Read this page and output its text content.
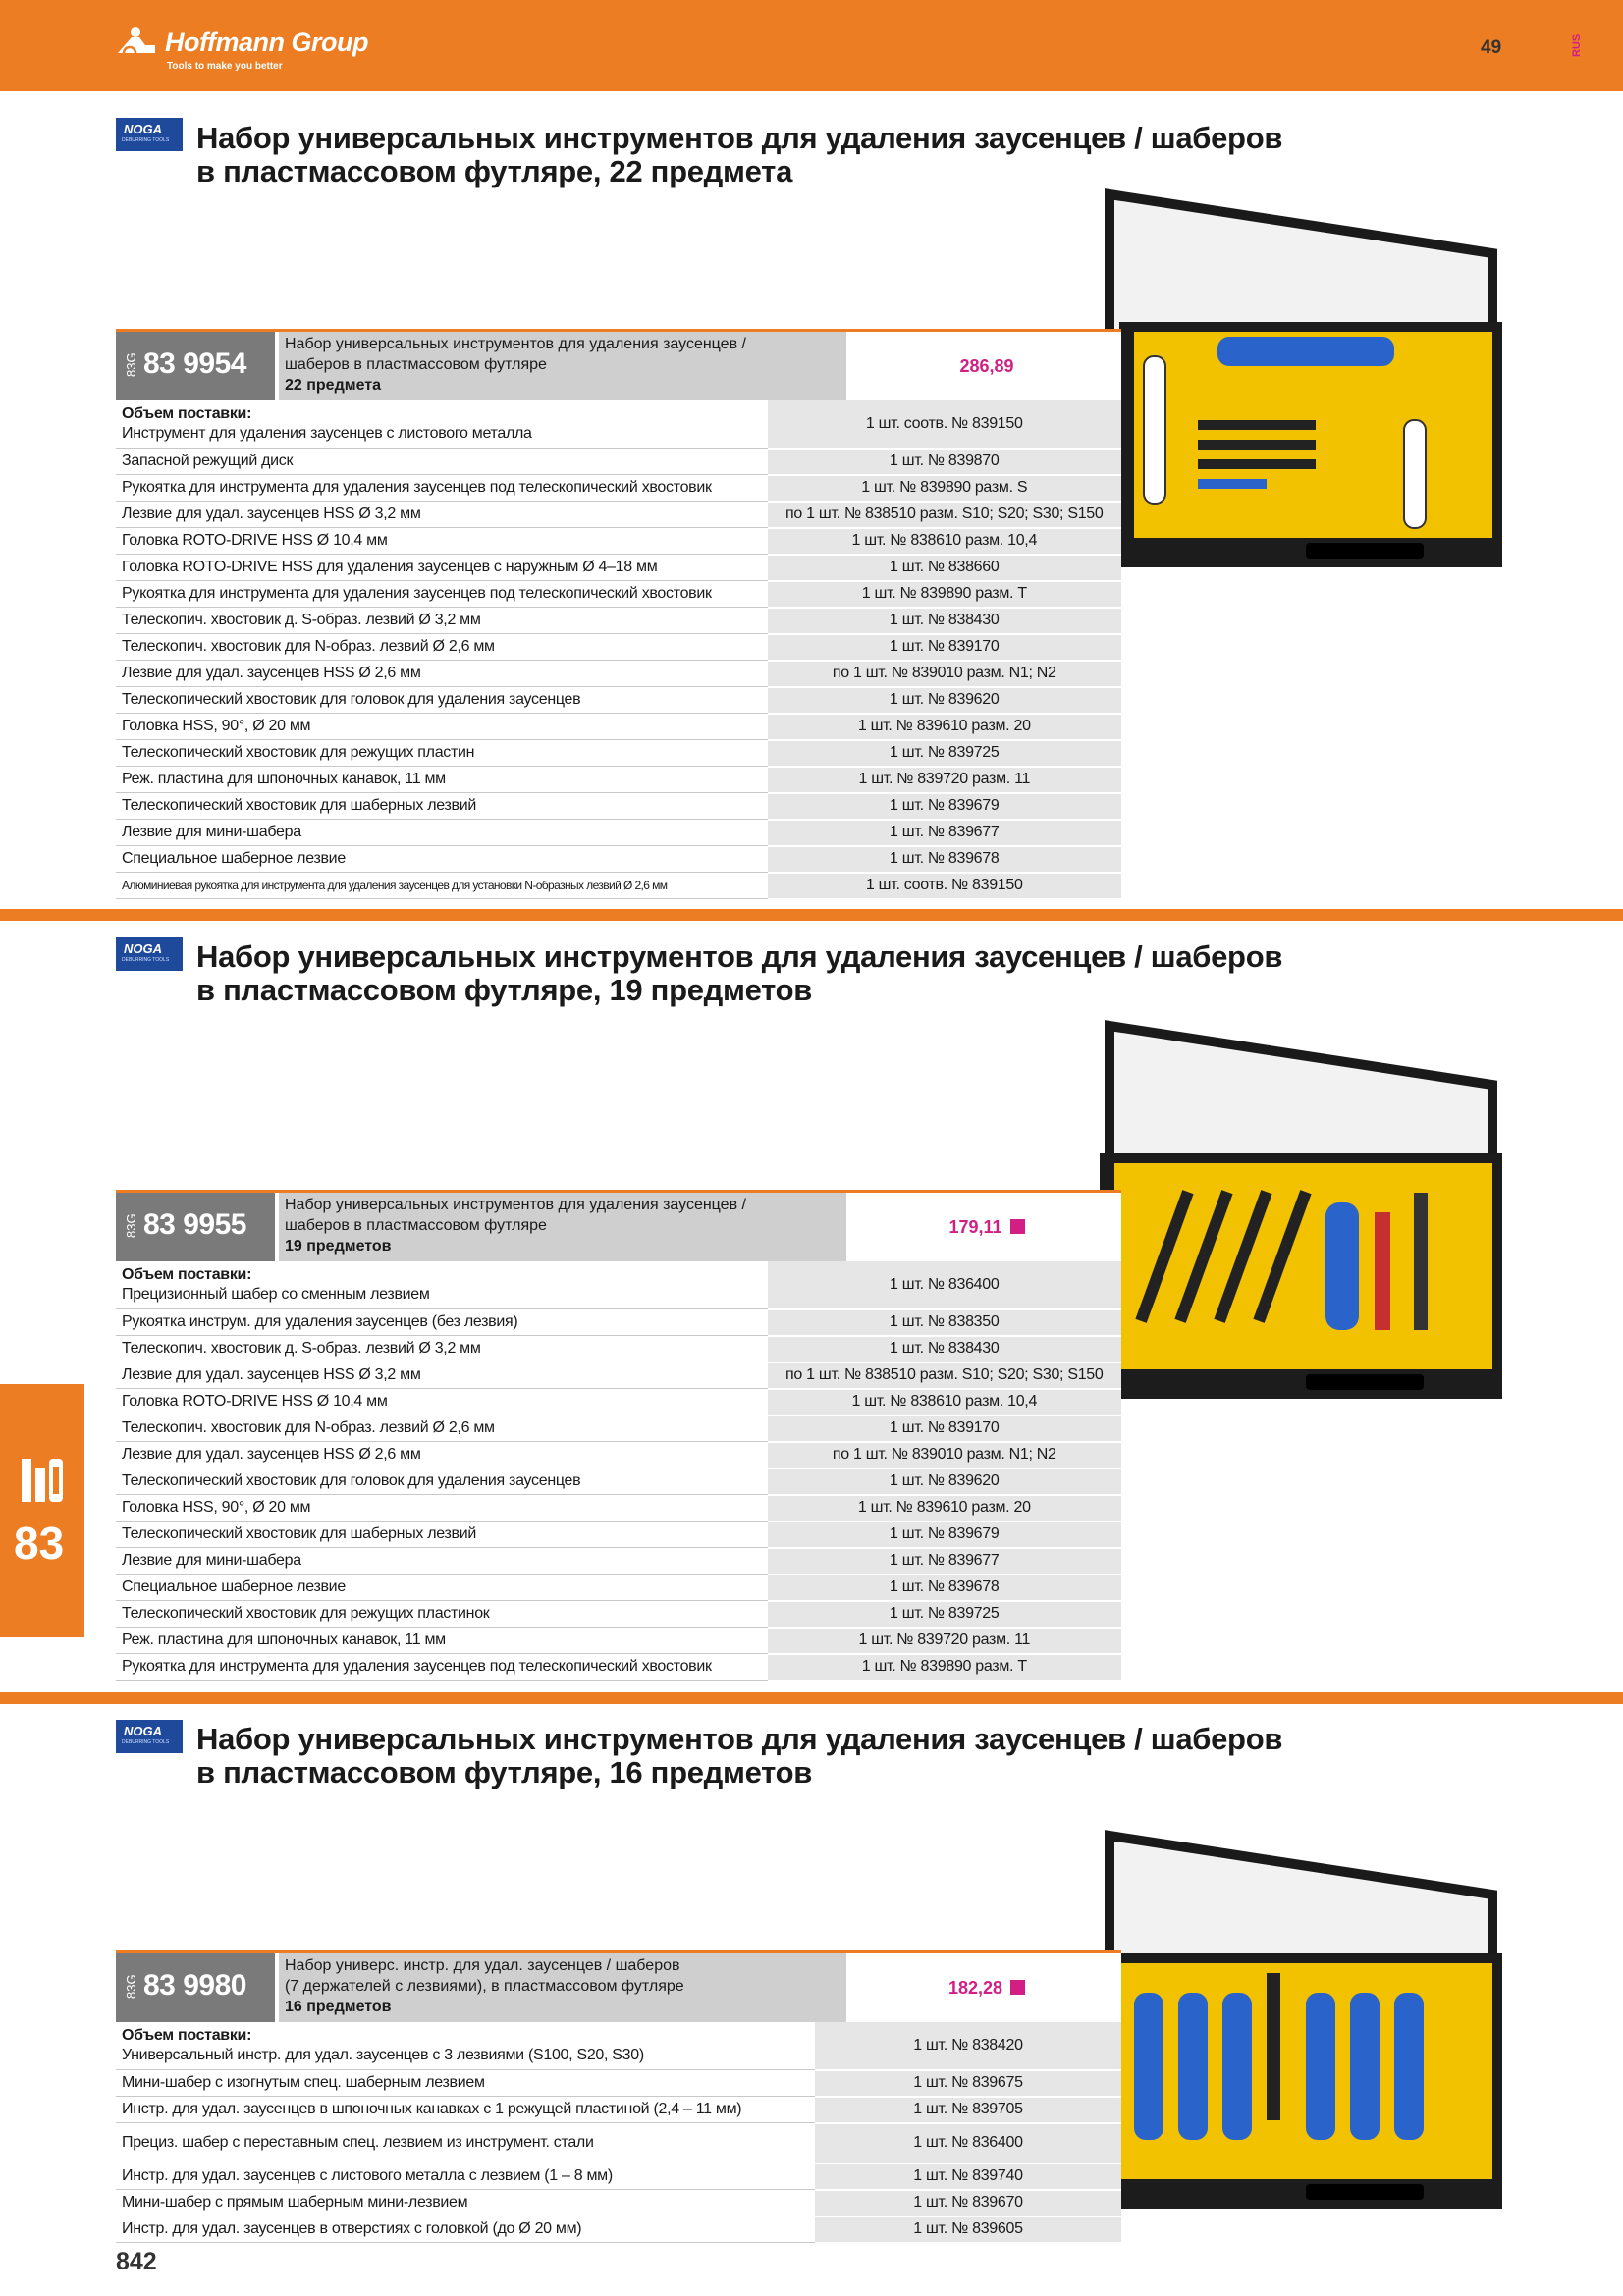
Hoffmann Group
Tools to make you better
49	RUS
83
NOGA
DEBURRING TOOLS Набор универсальных инструментов для удаления заусенцев / шаберов
в пластмассовом футляре, 22 предмета
83G 83 9954
Набор универсальных инструментов для удаления заусенцев /
шаберов в пластмассовом футляре
22 предмета
286,89
Объем поставки:
Инструмент для удаления заусенцев с листового металла	1 шт. соотв. № 839150
Запасной режущий диск	1 шт. № 839870
Рукоятка для инструмента для удаления заусенцев под телескопический хвостовик	1 шт. № 839890 разм. S
Лезвие для удал. заусенцев HSS Ø 3,2 мм	по 1 шт. № 838510 разм. S10; S20; S30; S150
Головка ROTO-DRIVE HSS Ø 10,4 мм	1 шт. № 838610 разм. 10,4
Головка ROTO-DRIVE HSS для удаления заусенцев с наружным Ø 4–18 мм	1 шт. № 838660
Рукоятка для инструмента для удаления заусенцев под телескопический хвостовик	1 шт. № 839890 разм. T
Телескопич. хвостовик д. S-образ. лезвий Ø 3,2 мм	1 шт. № 838430
Телескопич. хвостовик для N-образ. лезвий Ø 2,6 мм	1 шт. № 839170
Лезвие для удал. заусенцев HSS Ø 2,6 мм	по 1 шт. № 839010 разм. N1; N2
Телескопический хвостовик для головок для удаления заусенцев	1 шт. № 839620
Головка HSS, 90°, Ø 20 мм	1 шт. № 839610 разм. 20
Телескопический хвостовик для режущих пластин	1 шт. № 839725
Реж. пластина для шпоночных канавок, 11 мм	1 шт. № 839720 разм. 11
Телескопический хвостовик для шаберных лезвий	1 шт. № 839679
Лезвие для мини-шабера	1 шт. № 839677
Специальное шаберное лезвие	1 шт. № 839678
Алюминиевая рукоятка для инструмента для удаления заусенцев для установки N-образных лезвий Ø 2,6 мм	1 шт. соотв. № 839150
NOGA
DEBURRING TOOLS Набор универсальных инструментов для удаления заусенцев / шаберов
в пластмассовом футляре, 19 предметов
83G 83 9955
Набор универсальных инструментов для удаления заусенцев /
шаберов в пластмассовом футляре
19 предметов
179,11
Объем поставки:
Прецизионный шабер со сменным лезвием	1 шт. № 836400
Рукоятка инструм. для удаления заусенцев (без лезвия)	1 шт. № 838350
Телескопич. хвостовик д. S-образ. лезвий Ø 3,2 мм	1 шт. № 838430
Лезвие для удал. заусенцев HSS Ø 3,2 мм	по 1 шт. № 838510 разм. S10; S20; S30; S150
Головка ROTO-DRIVE HSS Ø 10,4 мм	1 шт. № 838610 разм. 10,4
Телескопич. хвостовик для N-образ. лезвий Ø 2,6 мм	1 шт. № 839170
Лезвие для удал. заусенцев HSS Ø 2,6 мм	по 1 шт. № 839010 разм. N1; N2
Телескопический хвостовик для головок для удаления заусенцев	1 шт. № 839620
Головка HSS, 90°, Ø 20 мм	1 шт. № 839610 разм. 20
Телескопический хвостовик для шаберных лезвий	1 шт. № 839679
Лезвие для мини-шабера	1 шт. № 839677
Специальное шаберное лезвие	1 шт. № 839678
Телескопический хвостовик для режущих пластинок	1 шт. № 839725
Реж. пластина для шпоночных канавок, 11 мм	1 шт. № 839720 разм. 11
Рукоятка для инструмента для удаления заусенцев под телескопический хвостовик	1 шт. № 839890 разм. T
NOGA
DEBURRING TOOLS Набор универсальных инструментов для удаления заусенцев / шаберов
в пластмассовом футляре, 16 предметов
83G 83 9980
Набор универс. инстр. для удал. заусенцев / шаберов
(7 держателей с лезвиями), в пластмассовом футляре
16 предметов
182,28
Объем поставки:
Универсальный инстр. для удал. заусенцев с 3 лезвиями (S100, S20, S30)	1 шт. № 838420
Мини-шабер с изогнутым спец. шаберным лезвием	1 шт. № 839675
Инстр. для удал. заусенцев в шпоночных канавках с 1 режущей пластиной (2,4 – 11 мм)	1 шт. № 839705
Прециз. шабер с переставным спец. лезвием из инструмент. стали	1 шт. № 836400
Инстр. для удал. заусенцев с листового металла с лезвием (1 – 8 мм)	1 шт. № 839740
Мини-шабер с прямым шаберным мини-лезвием	1 шт. № 839670
Инстр. для удал. заусенцев в отверстиях с головкой (до Ø 20 мм)	1 шт. № 839605
842
